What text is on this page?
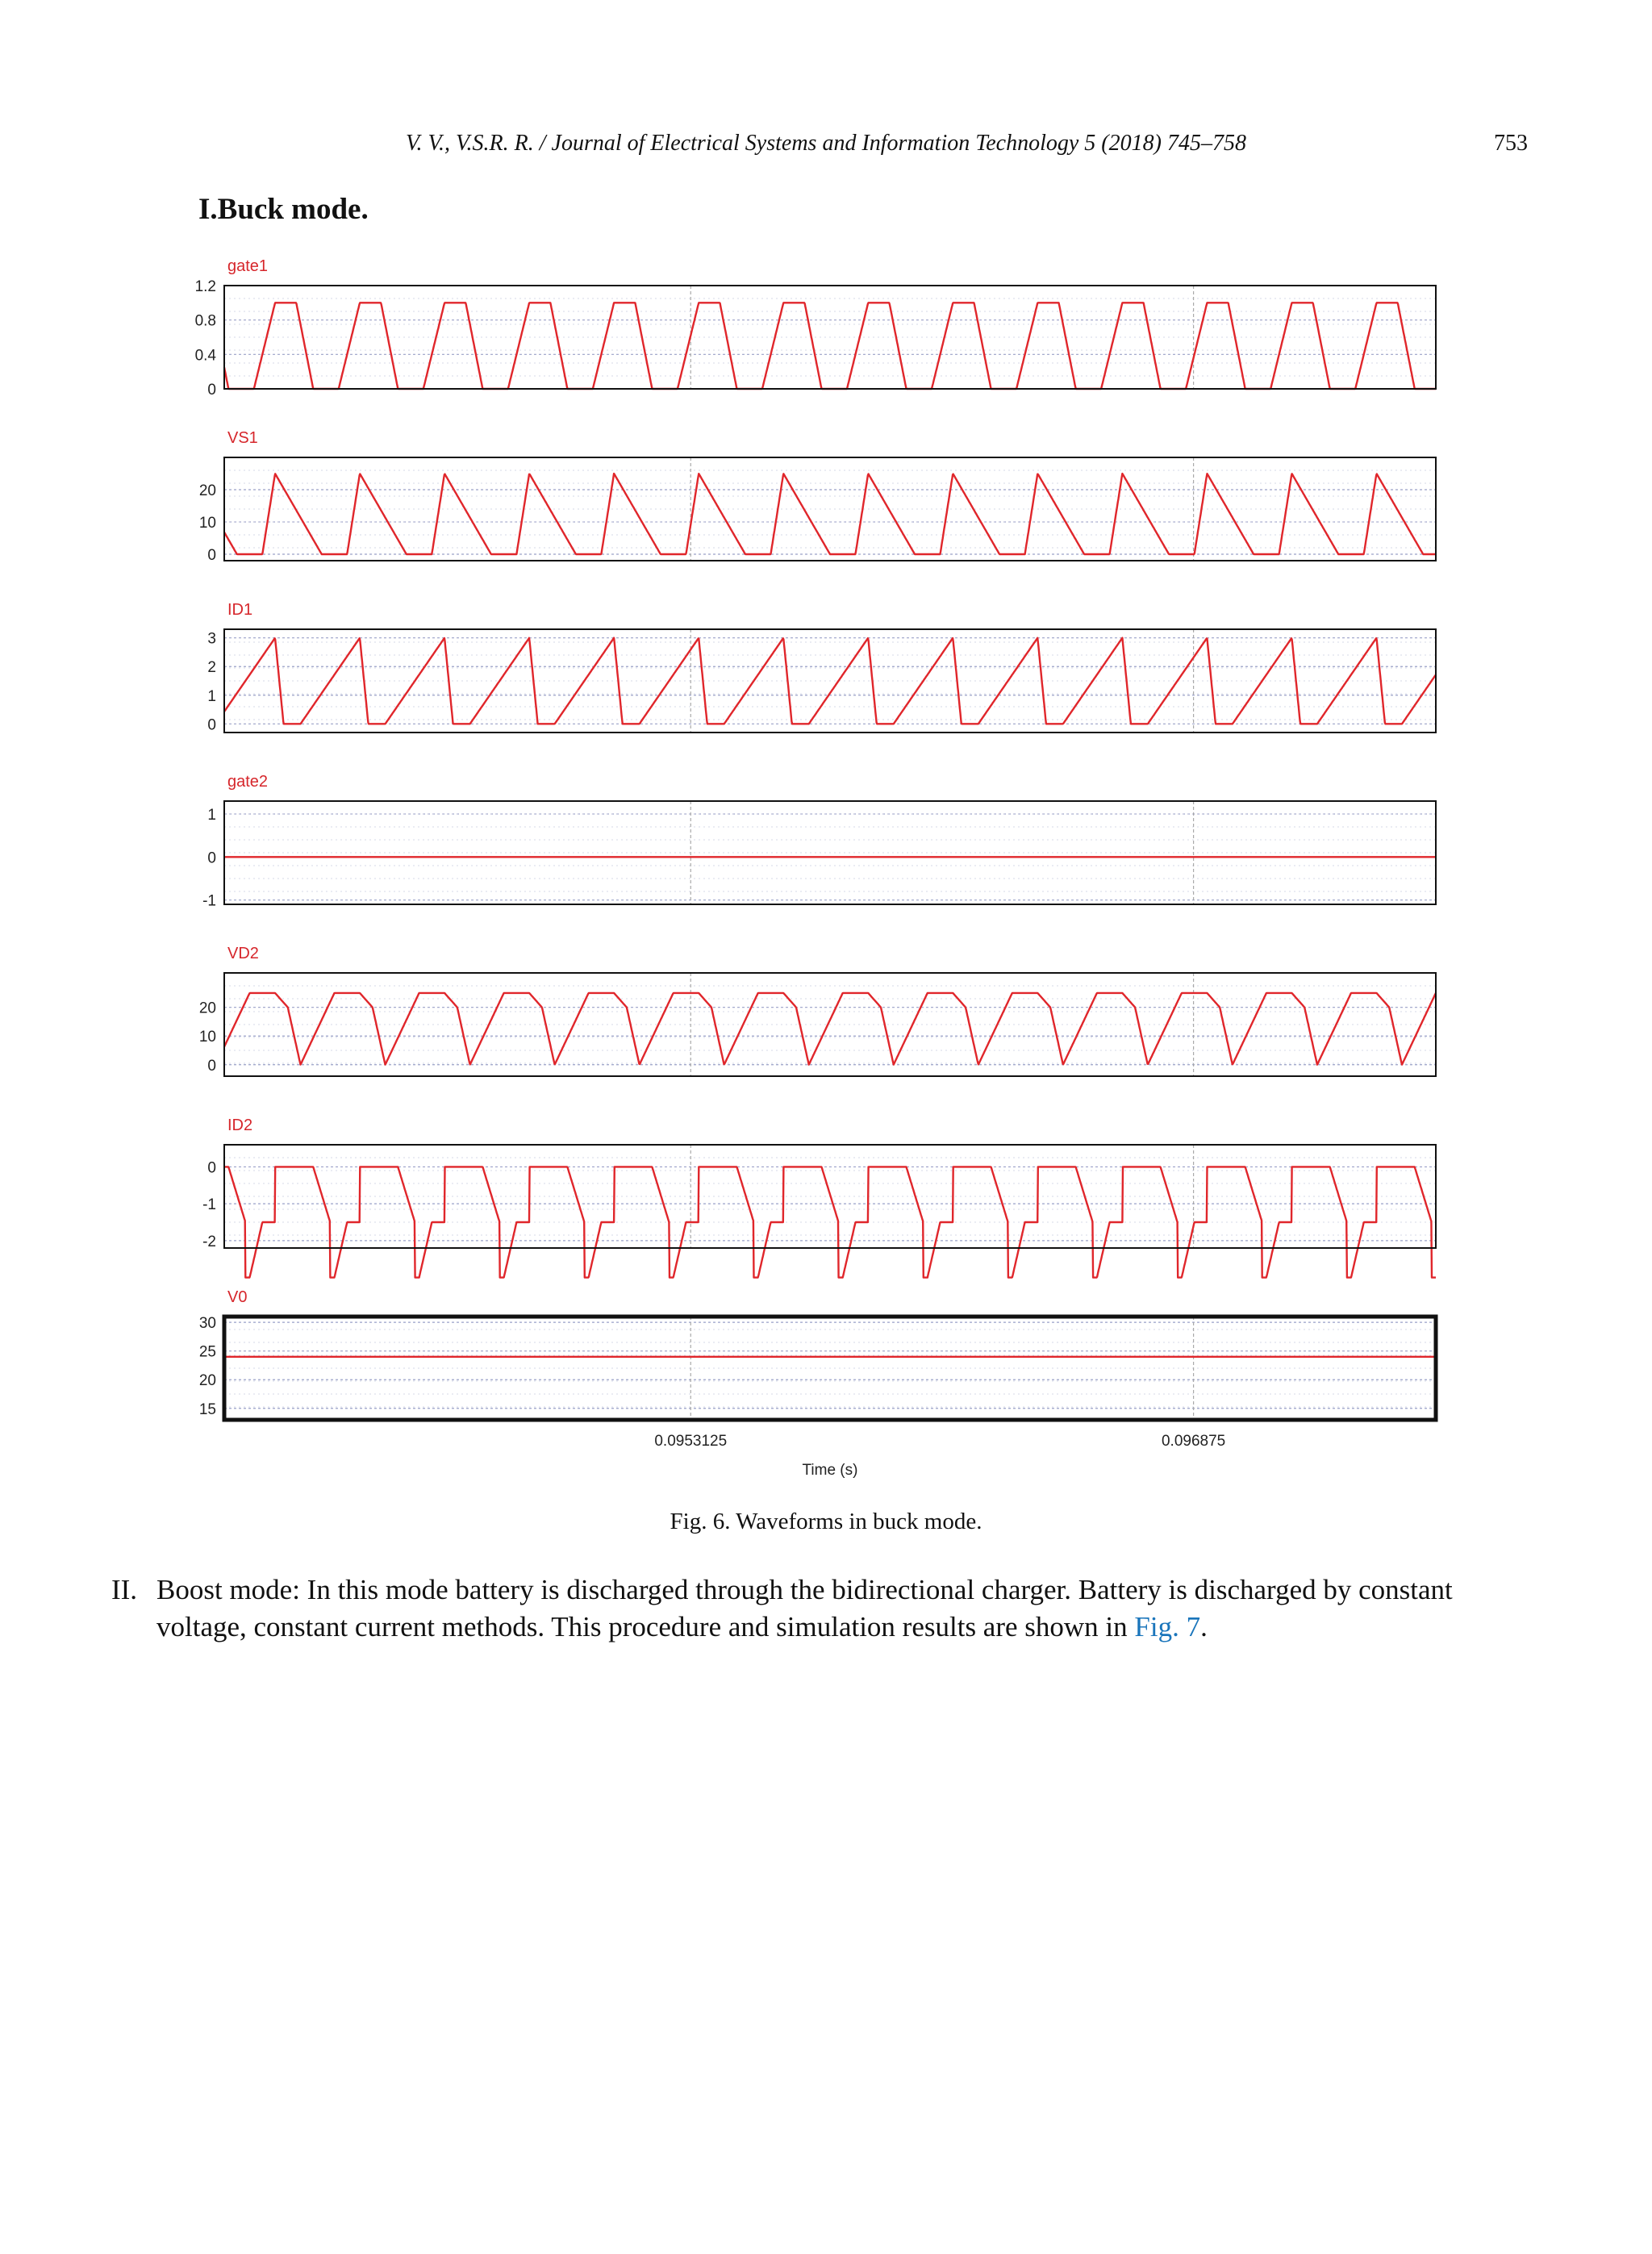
V. V., V.S.R. R. / Journal of Electrical Systems and Information Technology 5 (2018) 745–758	753
I.Buck mode.
gate1
1.2
0.8
0.4
0
VS1
20
10
0
ID1
3
2
1
0
gate2
1
0
-1
VD2
20
10
0
ID2
0
-1
-2
V0
30
25
20
15
0.0953125	0.096875
Time (s)
Fig. 6. Waveforms in buck mode.
II. Boost mode: In this mode battery is discharged through the bidirectional charger. Battery is discharged by constant voltage, constant current methods. This procedure and simulation results are shown in Fig. 7.
